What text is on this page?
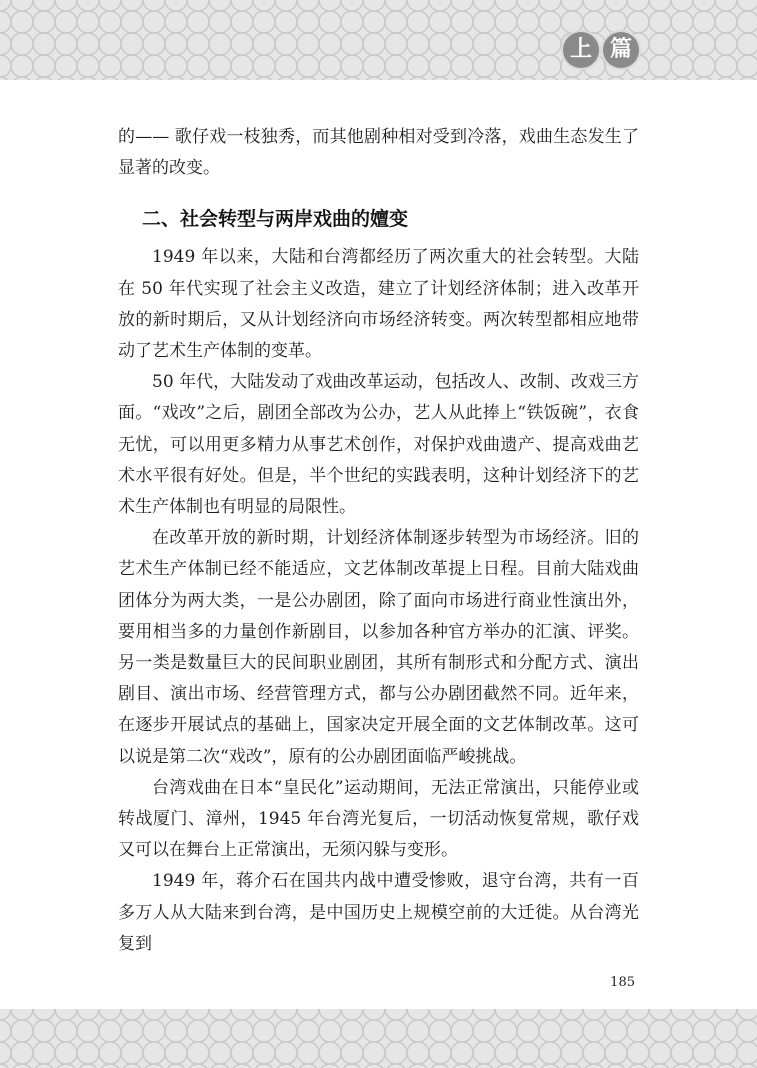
上 篇

的—— 歌仔戏一枝独秀，而其他剧种相对受到冷落，戏曲生态发生了显著的改变。

二、社会转型与两岸戏曲的嬗变

1949 年以来，大陆和台湾都经历了两次重大的社会转型。大陆在 50 年代实现了社会主义改造，建立了计划经济体制；进入改革开放的新时期后，又从计划经济向市场经济转变。两次转型都相应地带动了艺术生产体制的变革。

50 年代，大陆发动了戏曲改革运动，包括改人、改制、改戏三方面。“戏改”之后，剧团全部改为公办，艺人从此捧上“铁饭碗”，衣食无忧，可以用更多精力从事艺术创作，对保护戏曲遗产、提高戏曲艺术水平很有好处。但是，半个世纪的实践表明，这种计划经济下的艺术生产体制也有明显的局限性。

在改革开放的新时期，计划经济体制逐步转型为市场经济。旧的艺术生产体制已经不能适应，文艺体制改革提上日程。目前大陆戏曲团体分为两大类，一是公办剧团，除了面向市场进行商业性演出外，要用相当多的力量创作新剧目，以参加各种官方举办的汇演、评奖。另一类是数量巨大的民间职业剧团，其所有制形式和分配方式、演出剧目、演出市场、经营管理方式，都与公办剧团截然不同。近年来，在逐步开展试点的基础上，国家决定开展全面的文艺体制改革。这可以说是第二次“戏改”，原有的公办剧团面临严峻挑战。

台湾戏曲在日本“皇民化”运动期间，无法正常演出，只能停业或转战厦门、漳州，1945 年台湾光复后，一切活动恢复常规，歌仔戏又可以在舞台上正常演出，无须闪躲与变形。

1949 年，蒋介石在国共内战中遭受惨败，退守台湾，共有一百多万人从大陆来到台湾，是中国历史上规模空前的大迁徙。从台湾光复到

185
